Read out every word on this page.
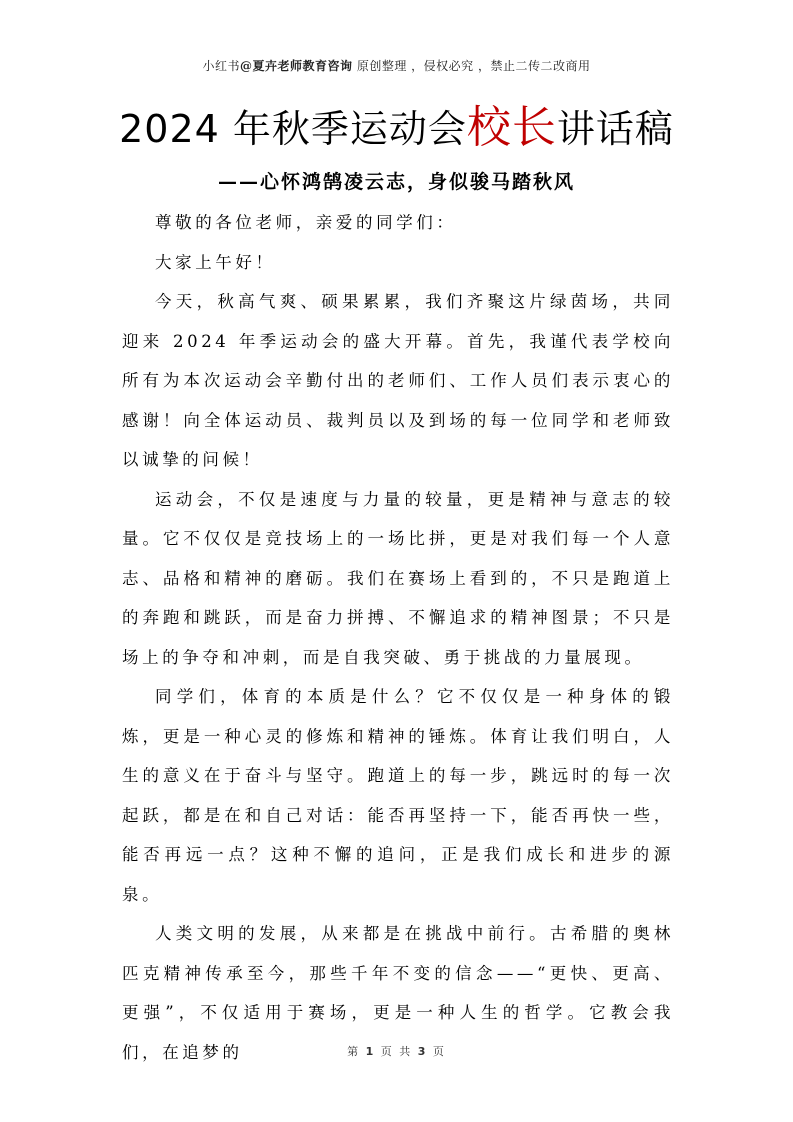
小红书@夏卉老师教育咨询 原创整理 ，侵权必究 ，禁止二传二改商用
2024 年秋季运动会校长讲话稿
——心怀鸿鹄凌云志，身似骏马踏秋风

尊敬的各位老师，亲爱的同学们：

大家上午好！

今天，秋高气爽、硕果累累，我们齐聚这片绿茵场，共同迎来 2024 年季运动会的盛大开幕。首先，我谨代表学校向所有为本次运动会辛勤付出的老师们、工作人员们表示衷心的感谢！向全体运动员、裁判员以及到场的每一位同学和老师致以诚挚的问候！

运动会，不仅是速度与力量的较量，更是精神与意志的较量。它不仅仅是竞技场上的一场比拼，更是对我们每一个人意志、品格和精神的磨砺。我们在赛场上看到的，不只是跑道上的奔跑和跳跃，而是奋力拼搏、不懈追求的精神图景；不只是场上的争夺和冲刺，而是自我突破、勇于挑战的力量展现。

同学们，体育的本质是什么？它不仅仅是一种身体的锻炼，更是一种心灵的修炼和精神的锤炼。体育让我们明白，人生的意义在于奋斗与坚守。跑道上的每一步，跳远时的每一次起跃，都是在和自己对话：能否再坚持一下，能否再快一些，能否再远一点？这种不懈的追问，正是我们成长和进步的源泉。

人类文明的发展，从来都是在挑战中前行。古希腊的奥林匹克精神传承至今，那些千年不变的信念——“更快、更高、更强”，不仅适用于赛场，更是一种人生的哲学。它教会我们，在追梦的	第 1 页 共 3 页
